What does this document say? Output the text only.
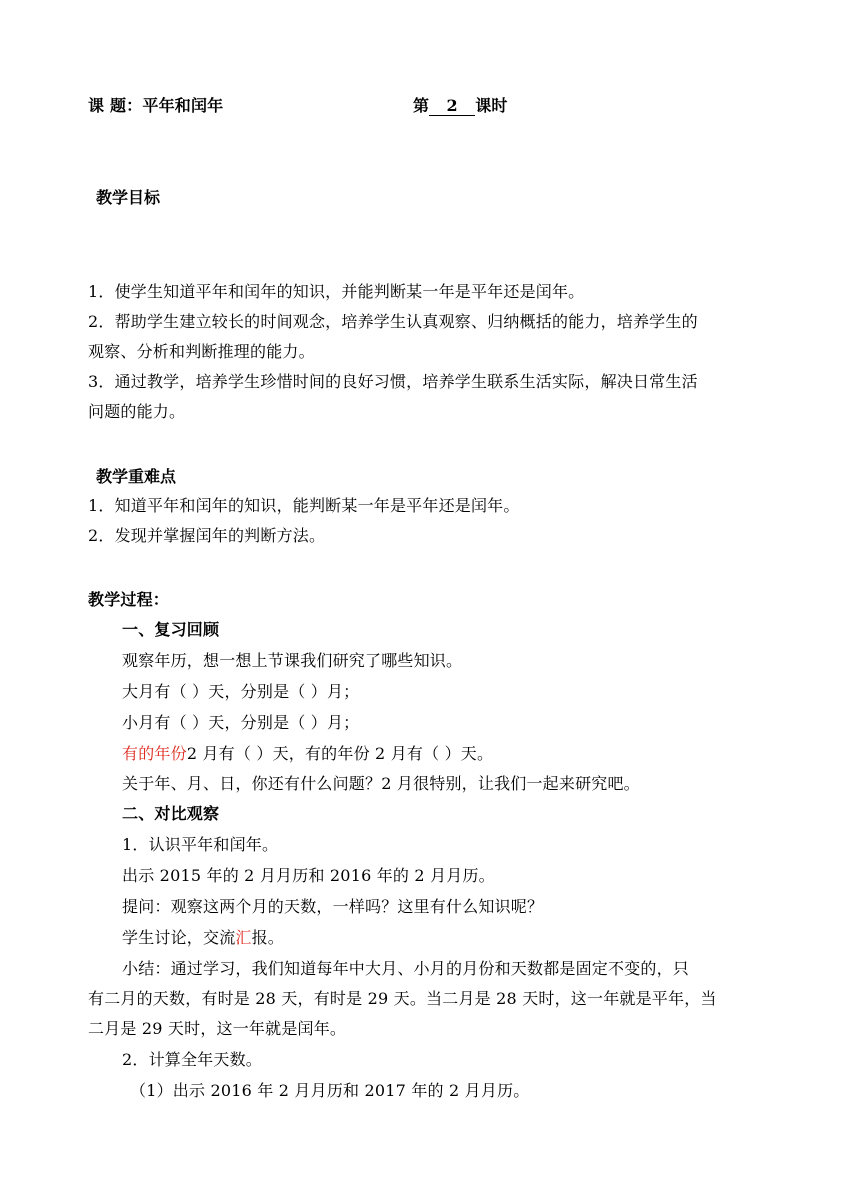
课 题：平年和闰年	第 2 课时
教学目标
1．使学生知道平年和闰年的知识，并能判断某一年是平年还是闰年。
2．帮助学生建立较长的时间观念，培养学生认真观察、归纳概括的能力，培养学生的
观察、分析和判断推理的能力。
3．通过教学，培养学生珍惜时间的良好习惯，培养学生联系生活实际，解决日常生活
问题的能力。
教学重难点
1．知道平年和闰年的知识，能判断某一年是平年还是闰年。
2．发现并掌握闰年的判断方法。
教学过程：
一、复习回顾
观察年历，想一想上节课我们研究了哪些知识。
大月有（ ）天，分别是（ ）月；
小月有（ ）天，分别是（ ）月；
有的年份2 月有（ ）天，有的年份 2 月有（ ）天。
关于年、月、日，你还有什么问题？2 月很特别，让我们一起来研究吧。
二、对比观察
1．认识平年和闰年。
出示 2015 年的 2 月月历和 2016 年的 2 月月历。
提问：观察这两个月的天数，一样吗？这里有什么知识呢？
学生讨论，交流汇报。
小结：通过学习，我们知道每年中大月、小月的月份和天数都是固定不变的，只
有二月的天数，有时是 28 天，有时是 29 天。当二月是 28 天时，这一年就是平年，当
二月是 29 天时，这一年就是闰年。
2．计算全年天数。
（1）出示 2016 年 2 月月历和 2017 年的 2 月月历。
